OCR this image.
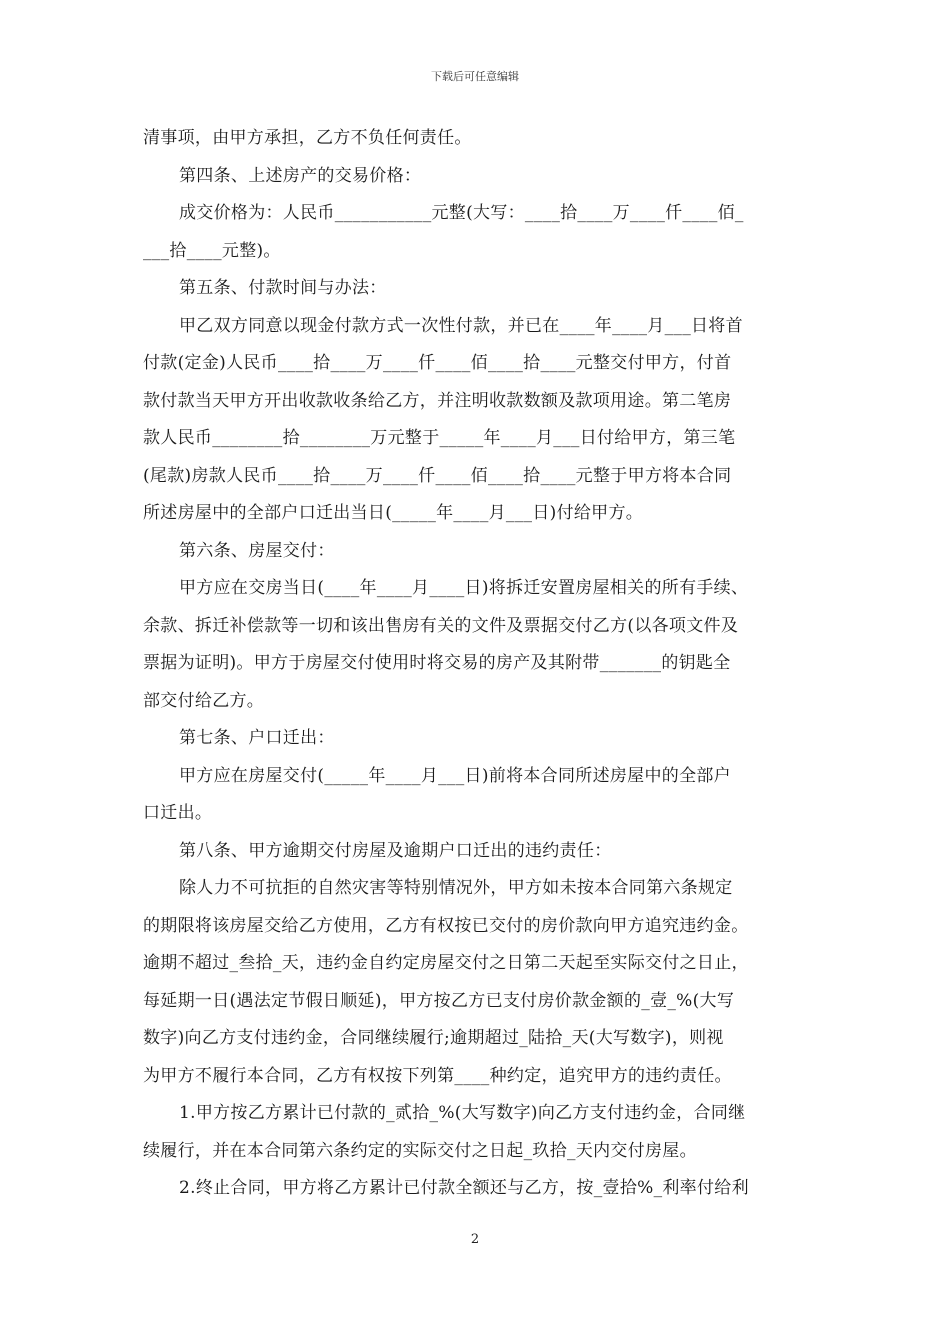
下载后可任意编辑
清事项，由甲方承担，乙方不负任何责任。
第四条、上述房产的交易价格：
成交价格为：人民币___________元整(大写：____拾____万____仟____佰_
___拾____元整)。
第五条、付款时间与办法：
甲乙双方同意以现金付款方式一次性付款，并已在____年____月___日将首
付款(定金)人民币____拾____万____仟____佰____拾____元整交付甲方，付首
款付款当天甲方开出收款收条给乙方，并注明收款数额及款项用途。第二笔房
款人民币________拾________万元整于_____年____月___日付给甲方，第三笔
(尾款)房款人民币____拾____万____仟____佰____拾____元整于甲方将本合同
所述房屋中的全部户口迁出当日(_____年____月___日)付给甲方。
第六条、房屋交付：
甲方应在交房当日(____年____月____日)将拆迁安置房屋相关的所有手续、
余款、拆迁补偿款等一切和该出售房有关的文件及票据交付乙方(以各项文件及
票据为证明)。甲方于房屋交付使用时将交易的房产及其附带_______的钥匙全
部交付给乙方。
第七条、户口迁出：
甲方应在房屋交付(_____年____月___日)前将本合同所述房屋中的全部户
口迁出。
第八条、甲方逾期交付房屋及逾期户口迁出的违约责任：
除人力不可抗拒的自然灾害等特别情况外，甲方如未按本合同第六条规定
的期限将该房屋交给乙方使用，乙方有权按已交付的房价款向甲方追究违约金。
逾期不超过_叁拾_天，违约金自约定房屋交付之日第二天起至实际交付之日止，
每延期一日(遇法定节假日顺延)，甲方按乙方已支付房价款金额的_壹_%(大写
数字)向乙方支付违约金，合同继续履行;逾期超过_陆拾_天(大写数字)，则视
为甲方不履行本合同，乙方有权按下列第____种约定，追究甲方的违约责任。
1.甲方按乙方累计已付款的_贰拾_%(大写数字)向乙方支付违约金，合同继
续履行，并在本合同第六条约定的实际交付之日起_玖拾_天内交付房屋。
2.终止合同，甲方将乙方累计已付款全额还与乙方，按_壹拾%_利率付给利
2
